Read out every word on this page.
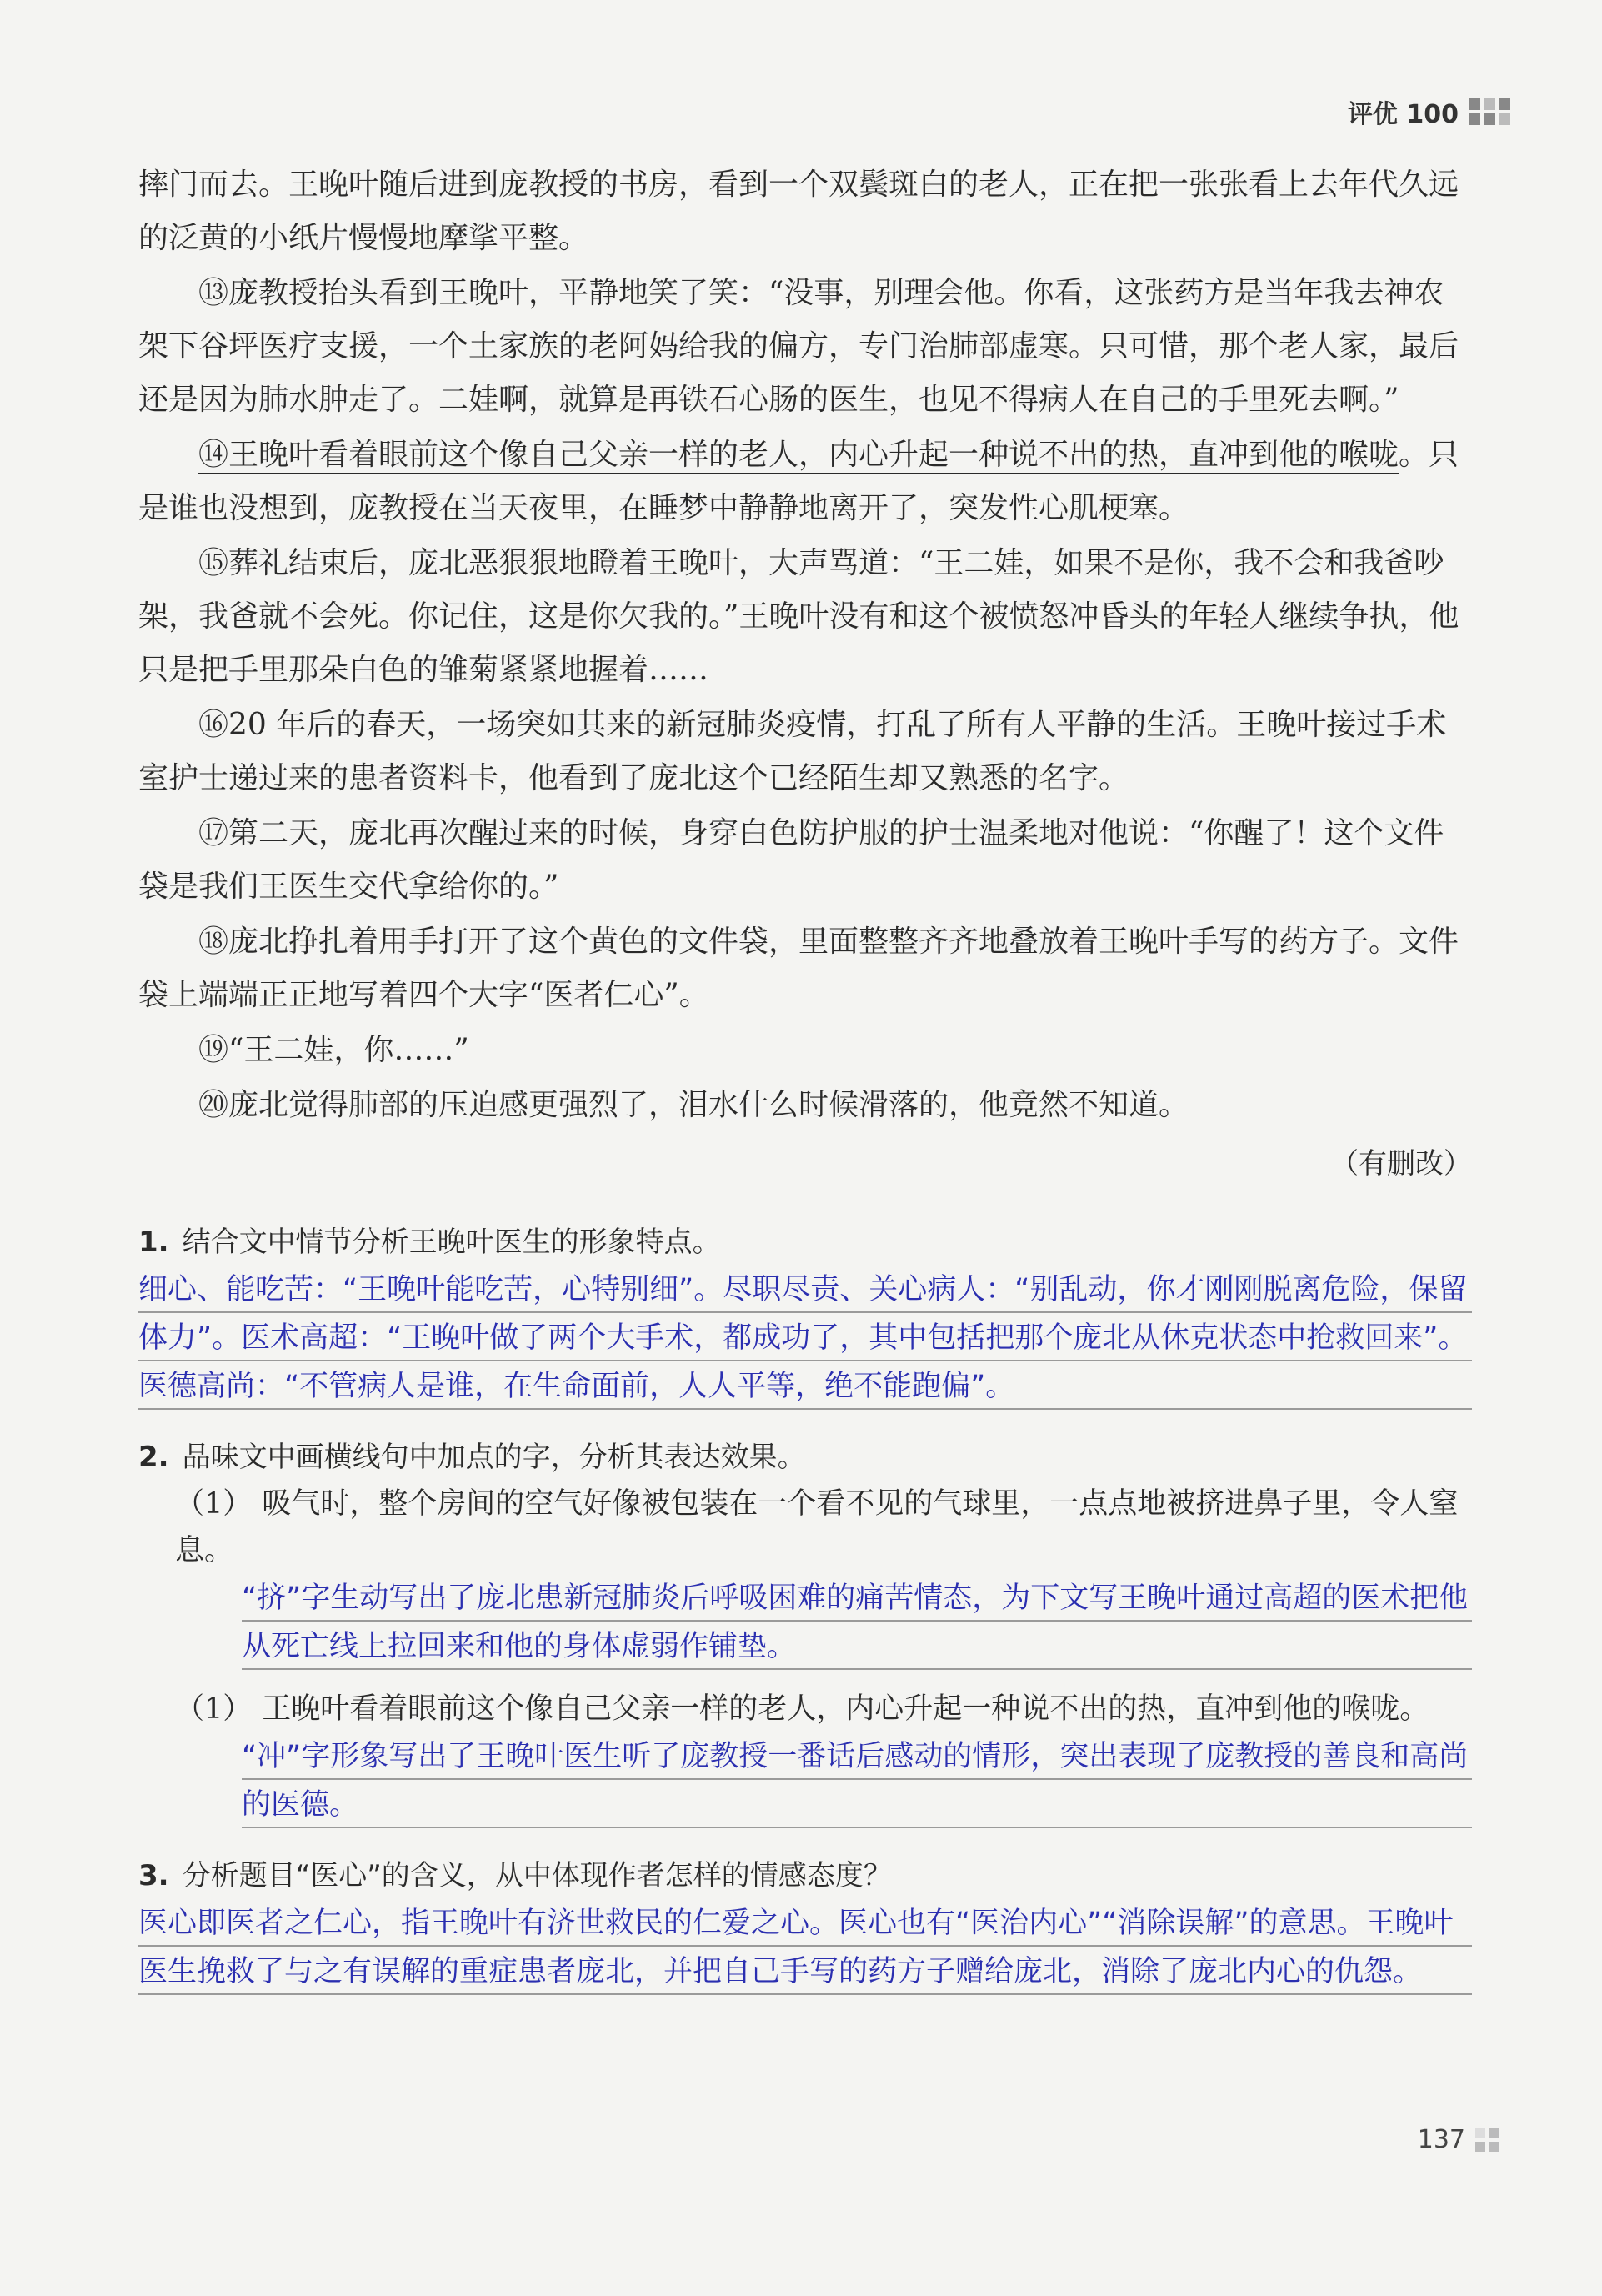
评优 100

摔门而去。王晚叶随后进到庞教授的书房，看到一个双鬓斑白的老人，正在把一张张看上去年代久远的泛黄的小纸片慢慢地摩挲平整。

⑬庞教授抬头看到王晚叶，平静地笑了笑：“没事，别理会他。你看，这张药方是当年我去神农架下谷坪医疗支援，一个土家族的老阿妈给我的偏方，专门治肺部虚寒。只可惜，那个老人家，最后还是因为肺水肿走了。二娃啊，就算是再铁石心肠的医生，也见不得病人在自己的手里死去啊。”

⑭王晚叶看着眼前这个像自己父亲一样的老人，内心升起一种说不出的热，直冲到他的喉咙。只是谁也没想到，庞教授在当天夜里，在睡梦中静静地离开了，突发性心肌梗塞。

⑮葬礼结束后，庞北恶狠狠地瞪着王晚叶，大声骂道：“王二娃，如果不是你，我不会和我爸吵架，我爸就不会死。你记住，这是你欠我的。”王晚叶没有和这个被愤怒冲昏头的年轻人继续争执，他只是把手里那朵白色的雏菊紧紧地握着……

⑯20 年后的春天，一场突如其来的新冠肺炎疫情，打乱了所有人平静的生活。王晚叶接过手术室护士递过来的患者资料卡，他看到了庞北这个已经陌生却又熟悉的名字。

⑰第二天，庞北再次醒过来的时候，身穿白色防护服的护士温柔地对他说：“你醒了！这个文件袋是我们王医生交代拿给你的。”

⑱庞北挣扎着用手打开了这个黄色的文件袋，里面整整齐齐地叠放着王晚叶手写的药方子。文件袋上端端正正地写着四个大字“医者仁心”。

⑲“王二娃，你……”

⑳庞北觉得肺部的压迫感更强烈了，泪水什么时候滑落的，他竟然不知道。

（有删改）
1. 结合文中情节分析王晚叶医生的形象特点。
细心、能吃苦：“王晚叶能吃苦，心特别细”。尽职尽责、关心病人：“别乱动，你才刚刚脱离危险，保留体力”。医术高超：“王晚叶做了两个大手术，都成功了，其中包括把那个庞北从休克状态中抢救回来”。医德高尚：“不管病人是谁，在生命面前，人人平等，绝不能跑偏”。
2. 品味文中画横线句中加点的字，分析其表达效果。
（1） 吸气时，整个房间的空气好像被包装在一个看不见的气球里，一点点地被挤进鼻子里，令人窒息。
“挤”字生动写出了庞北患新冠肺炎后呼吸困难的痛苦情态，为下文写王晚叶通过高超的医术把他从死亡线上拉回来和他的身体虚弱作铺垫。
（1） 王晚叶看着眼前这个像自己父亲一样的老人，内心升起一种说不出的热，直冲到他的喉咙。
“冲”字形象写出了王晚叶医生听了庞教授一番话后感动的情形，突出表现了庞教授的善良和高尚的医德。
3. 分析题目“医心”的含义，从中体现作者怎样的情感态度？
医心即医者之仁心，指王晚叶有济世救民的仁爱之心。医心也有“医治内心”“消除误解”的意思。王晚叶医生挽救了与之有误解的重症患者庞北，并把自己手写的药方子赠给庞北，消除了庞北内心的仇怨。
137
